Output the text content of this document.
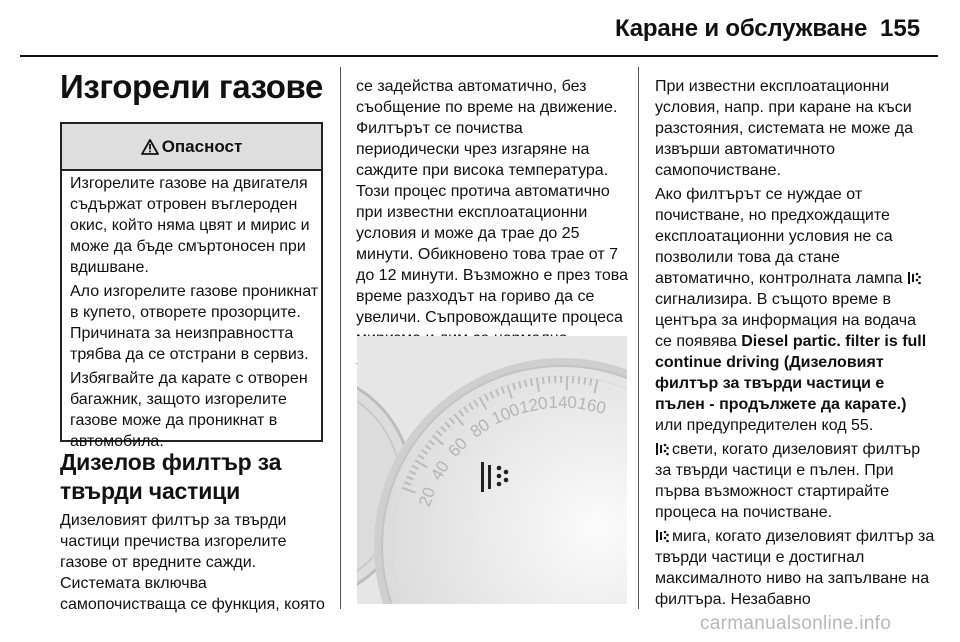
Каране и обслужване 155
Изгорели газове
Опасност

Изгорелите газове на двигателя съдържат отровен въглероден окис, който няма цвят и мирис и може да бъде смъртоносен при вдишване.

Ало изгорелите газове проникнат в купето, отворете прозорците. Причината за неизправността трябва да се отстрани в сервиз.

Избягвайте да карате с отворен багажник, защото изгорелите газове може да проникнат в автомобила.

Дизелов филтър за твърди частици

Дизеловият филтър за твърди частици пречиства изгорелите газове от вредните сажди. Системата включва самопочистваща се функция, която

се задейства автоматично, без съобщение по време на движение. Филтърът се почиства периодически чрез изгаряне на саждите при висока температура. Този процес протича автоматично при известни експлоатационни условия и може да трае до 25 минути. Обикновено това трае от 7 до 12 минути. Възможно е през това време разходът на гориво да се увеличи. Съпровождащите процеса

20
40
60
80
100
120 140 160

При известни експлоатационни условия, напр. при каране на къси разстояния, системата не може да извърши автоматичното самопочистване.

Ако филтърът се нуждае от почистване, но предхождащите експлоатационни условия не са позволили това да стане автоматично, контролната лампа сигнализира. В същото време в центъра за информация на водача се появява Diesel partic. filter is full continue driving (Дизеловият филтър за твърди частици е пълен - продължете да карате.) или предупредителен код 55.

свети, когато дизеловият филтър за твърди частици е пълен. При първа възможност стартирайте процеса на почистване.

мига, когато дизеловият филтър за твърди частици е достигнал максималното ниво на запълване на филтъра. Незабавно

carmanualsonline.info
